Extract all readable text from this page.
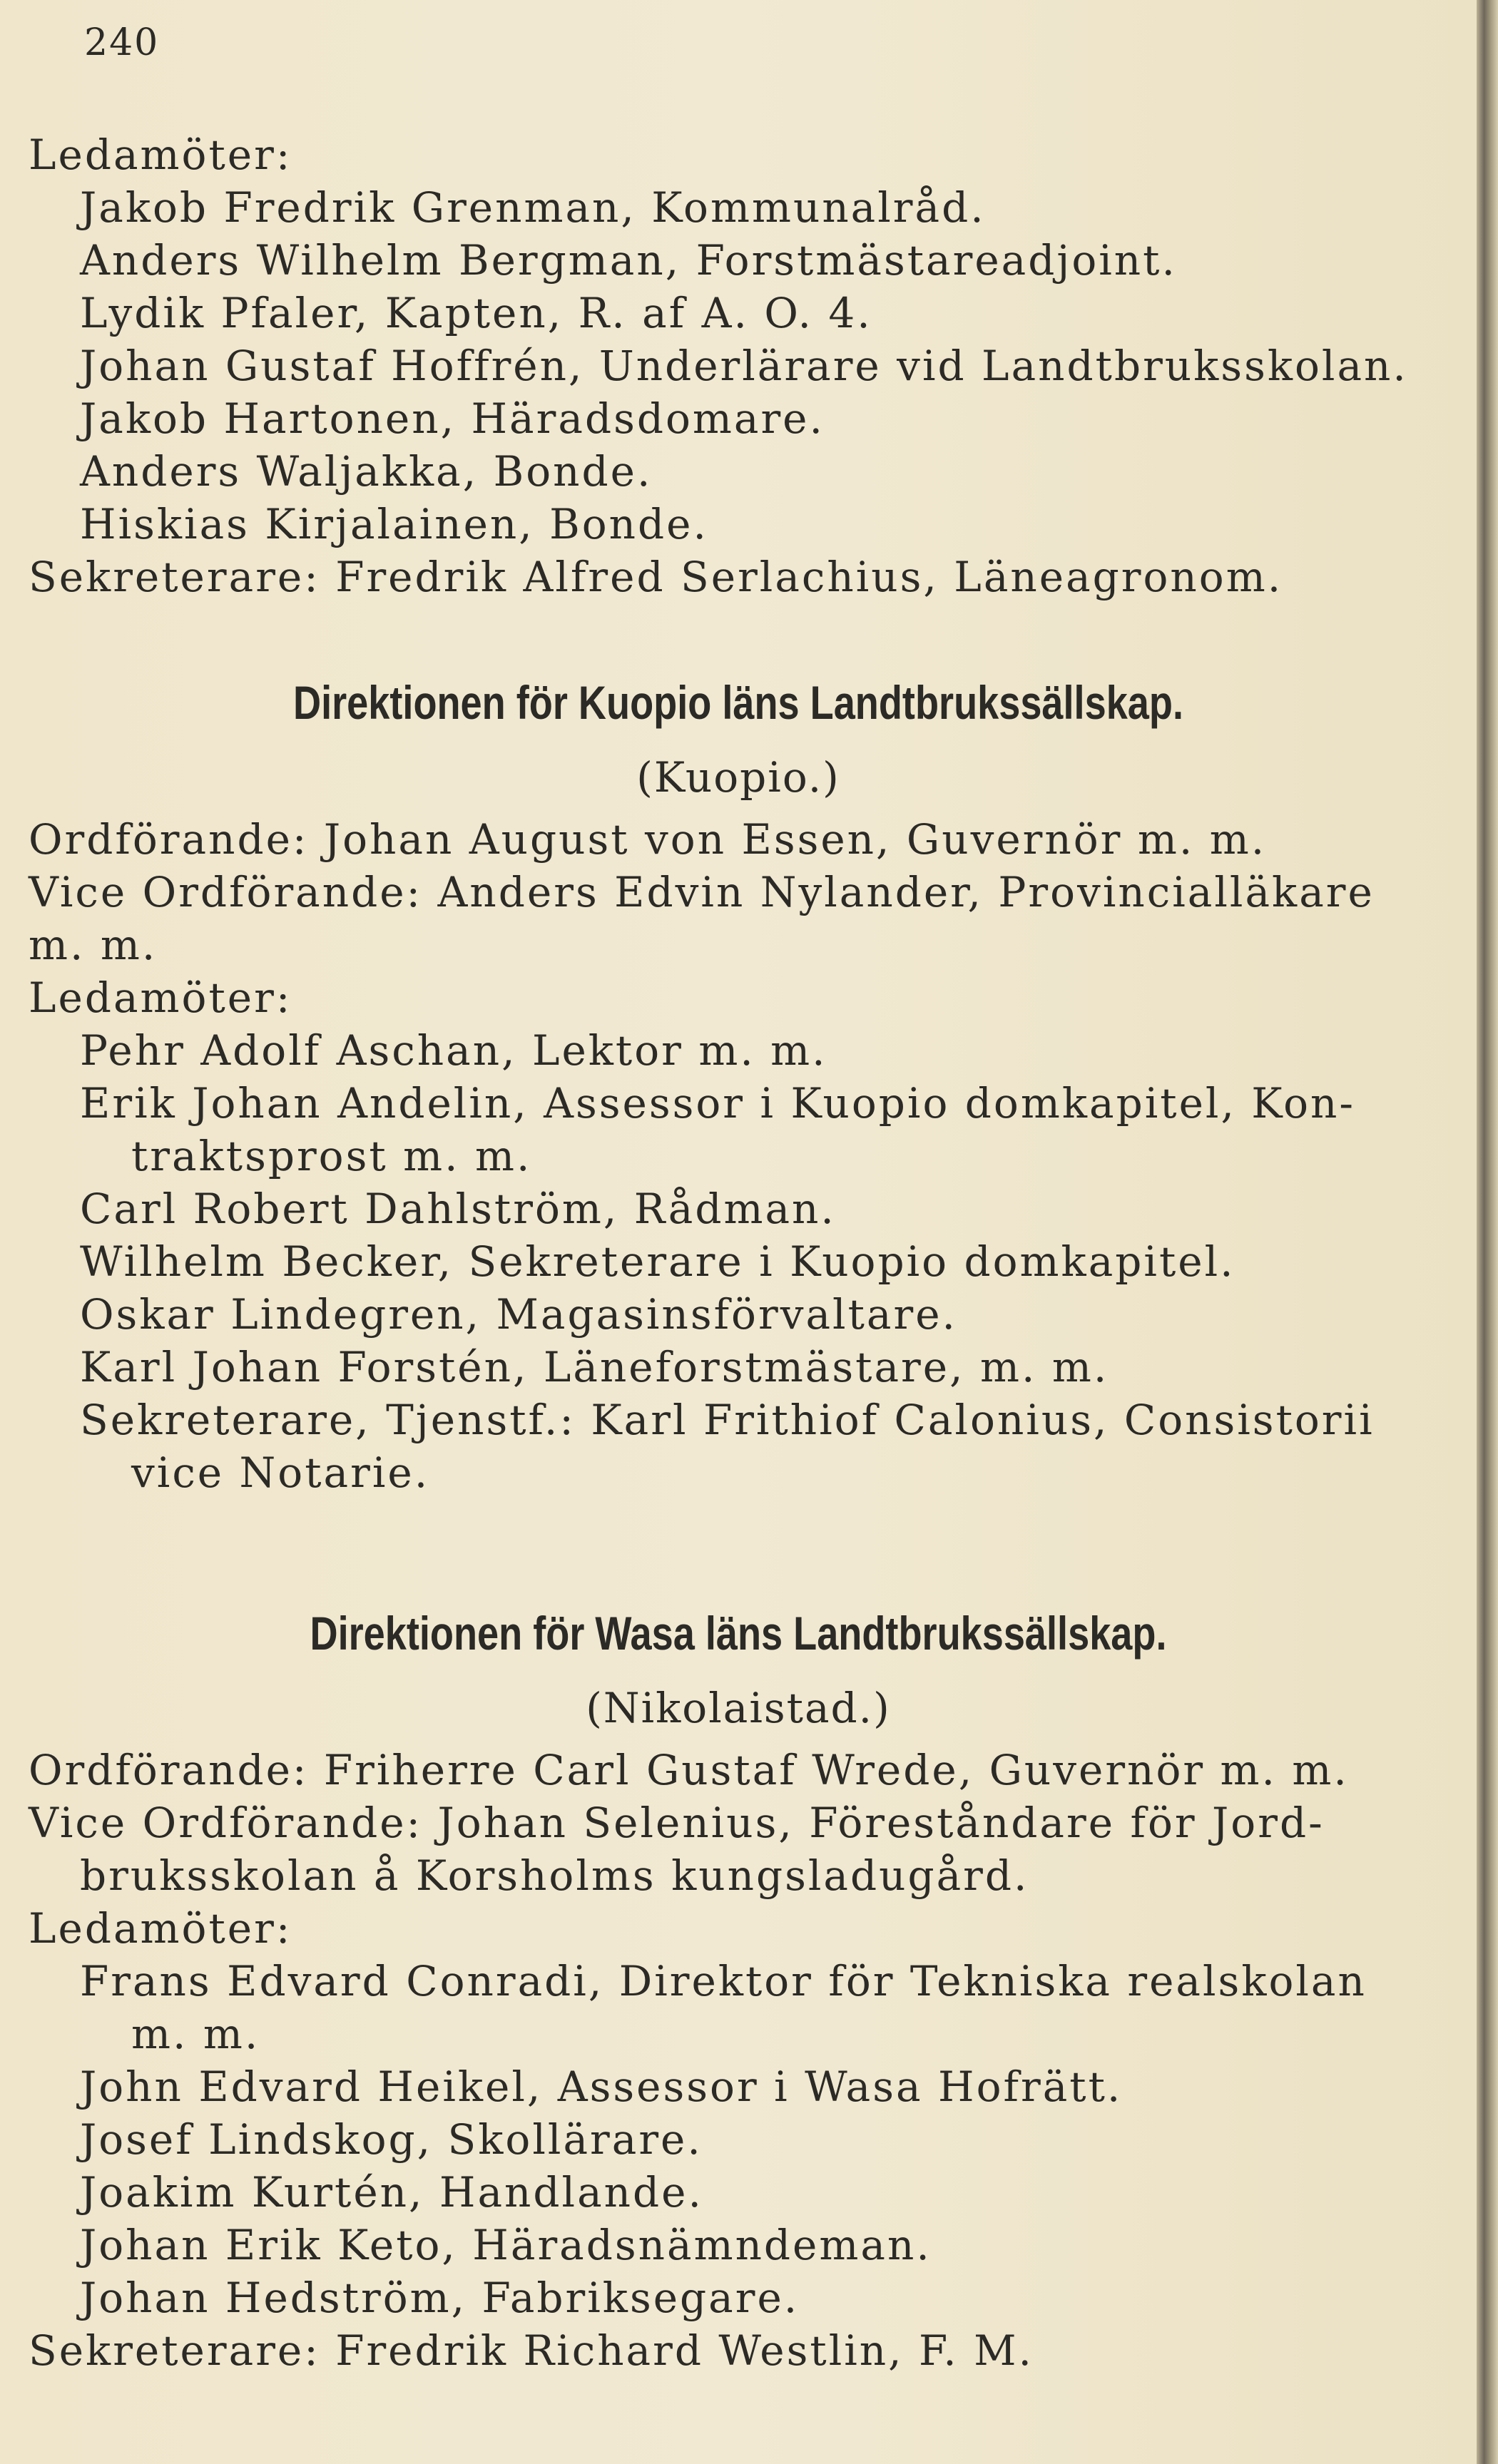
240
Ledamöter:
Jakob Fredrik Grenman, Kommunalråd.
Anders Wilhelm Bergman, Forstmästareadjoint.
Lydik Pfaler, Kapten, R. af A. O. 4.
Johan Gustaf Hoffrén, Underlärare vid Landtbruksskolan.
Jakob Hartonen, Häradsdomare.
Anders Waljakka, Bonde.
Hiskias Kirjalainen, Bonde.
Sekreterare: Fredrik Alfred Serlachius, Läneagronom.
Direktionen för Kuopio läns Landtbrukssällskap.
(Kuopio.)
Ordförande: Johan August von Essen, Guvernör m. m.
Vice Ordförande: Anders Edvin Nylander, Provincialläkare
m. m.
Ledamöter:
Pehr Adolf Aschan, Lektor m. m.
Erik Johan Andelin, Assessor i Kuopio domkapitel, Kon-
traktsprost m. m.
Carl Robert Dahlström, Rådman.
Wilhelm Becker, Sekreterare i Kuopio domkapitel.
Oskar Lindegren, Magasinsförvaltare.
Karl Johan Forstén, Läneforstmästare, m. m.
Sekreterare, Tjenstf.: Karl Frithiof Calonius, Consistorii
vice Notarie.
Direktionen för Wasa läns Landtbrukssällskap.
(Nikolaistad.)
Ordförande: Friherre Carl Gustaf Wrede, Guvernör m. m.
Vice Ordförande: Johan Selenius, Föreståndare för Jord-
bruksskolan å Korsholms kungsladugård.
Ledamöter:
Frans Edvard Conradi, Direktor för Tekniska realskolan
m. m.
John Edvard Heikel, Assessor i Wasa Hofrätt.
Josef Lindskog, Skollärare.
Joakim Kurtén, Handlande.
Johan Erik Keto, Häradsnämndeman.
Johan Hedström, Fabriksegare.
Sekreterare: Fredrik Richard Westlin, F. M.
